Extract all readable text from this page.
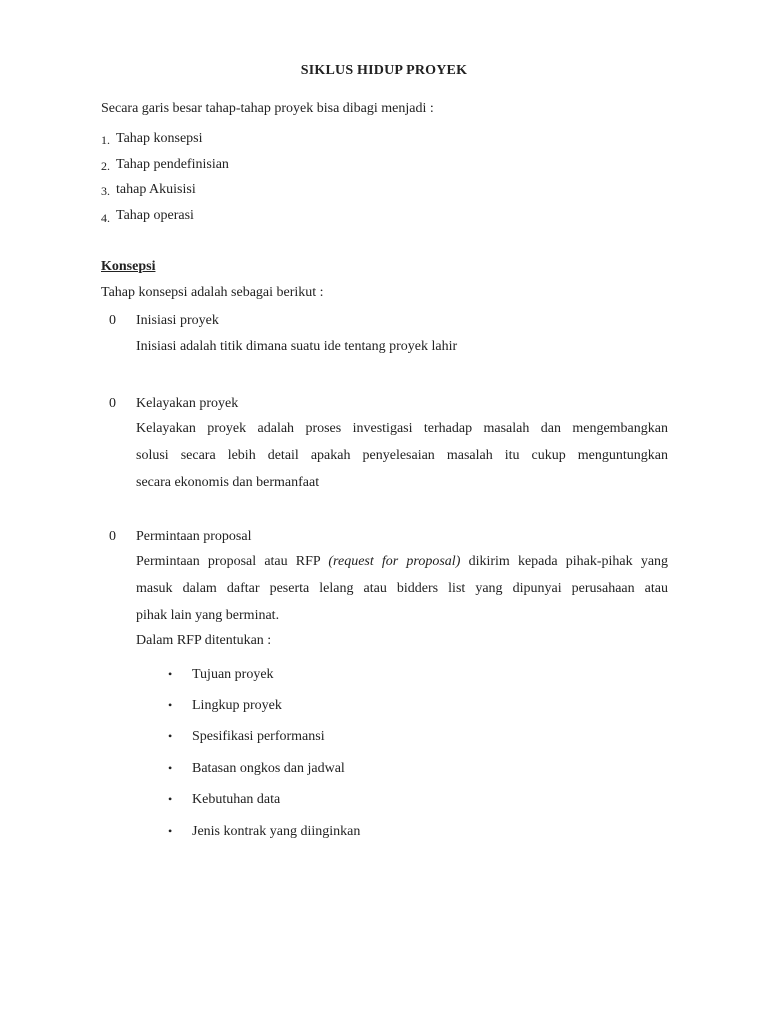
SIKLUS HIDUP PROYEK
Secara garis besar tahap-tahap proyek bisa dibagi menjadi :
1. Tahap konsepsi
2. Tahap pendefinisian
3. tahap Akuisisi
4. Tahap operasi
Konsepsi
Tahap konsepsi adalah sebagai berikut :
0 Inisiasi proyek
Inisiasi adalah titik dimana suatu ide tentang proyek lahir
0 Kelayakan proyek
Kelayakan proyek adalah proses investigasi terhadap masalah dan mengembangkan
solusi secara lebih detail apakah penyelesaian masalah itu cukup menguntungkan
secara ekonomis dan bermanfaat
0 Permintaan proposal
Permintaan proposal atau RFP (request for proposal) dikirim kepada pihak-pihak yang
masuk dalam daftar peserta lelang atau bidders list yang dipunyai perusahaan atau
pihak lain yang berminat.
Dalam RFP ditentukan :
• Tujuan proyek
• Lingkup proyek
• Spesifikasi performansi
• Batasan ongkos dan jadwal
• Kebutuhan data
• Jenis kontrak yang diinginkan
